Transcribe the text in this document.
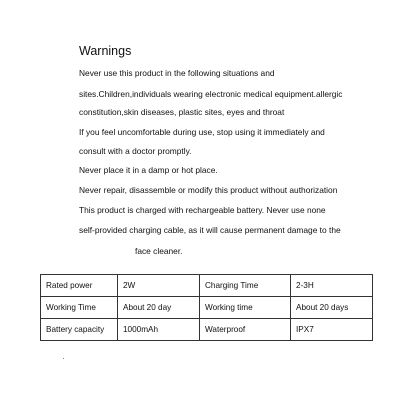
Warnings
Never use this product in the following situations and
sites.Children,individuals wearing electronic medical equipment.allergic
constitution,skin diseases, plastic sites, eyes and throat
If you feel uncomfortable during use, stop using it immediately and
consult with a doctor promptly.
Never place it in a damp or hot place.
Never repair, disassemble or modify this product without authorization
This product is charged with rechargeable battery. Never use none
self-provided charging cable, as it will cause permanent damage to the
face cleaner.
Rated power	2W	Charging Time	2-3H
Working Time	About 20 day	Working time	About 20 days
Battery capacity	1000mAh	Waterproof	IPX7
